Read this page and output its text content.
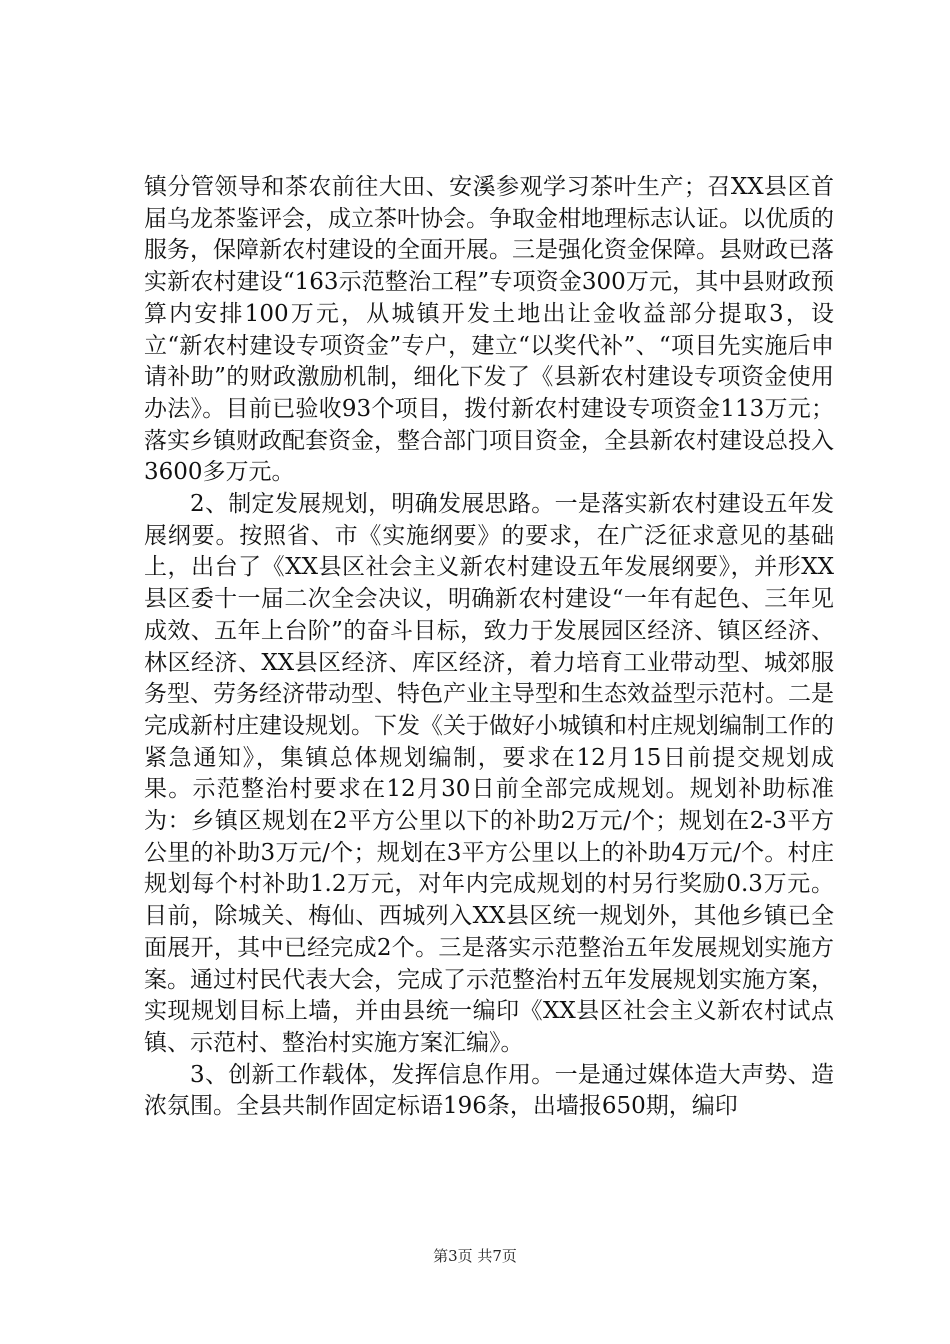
镇分管领导和茶农前往大田、安溪参观学习茶叶生产；召XX县区首届乌龙茶鉴评会，成立茶叶协会。争取金柑地理标志认证。以优质的服务，保障新农村建设的全面开展。三是强化资金保障。县财政已落实新农村建设“163示范整治工程”专项资金300万元，其中县财政预算内安排100万元，从城镇开发土地出让金收益部分提取3，设立“新农村建设专项资金”专户，建立“以奖代补”、“项目先实施后申请补助”的财政激励机制，细化下发了《县新农村建设专项资金使用办法》。目前已验收93个项目，拨付新农村建设专项资金113万元；落实乡镇财政配套资金，整合部门项目资金，全县新农村建设总投入3600多万元。

2、制定发展规划，明确发展思路。一是落实新农村建设五年发展纲要。按照省、市《实施纲要》的要求，在广泛征求意见的基础上，出台了《XX县区社会主义新农村建设五年发展纲要》，并形XX县区委十一届二次全会决议，明确新农村建设“一年有起色、三年见成效、五年上台阶”的奋斗目标，致力于发展园区经济、镇区经济、林区经济、XX县区经济、库区经济，着力培育工业带动型、城郊服务型、劳务经济带动型、特色产业主导型和生态效益型示范村。二是完成新村庄建设规划。下发《关于做好小城镇和村庄规划编制工作的紧急通知》，集镇总体规划编制，要求在12月15日前提交规划成果。示范整治村要求在12月30日前全部完成规划。规划补助标准为：乡镇区规划在2平方公里以下的补助2万元/个；规划在2-3平方公里的补助3万元/个；规划在3平方公里以上的补助4万元/个。村庄规划每个村补助1.2万元，对年内完成规划的村另行奖励0.3万元。目前，除城关、梅仙、西城列入XX县区统一规划外，其他乡镇已全面展开，其中已经完成2个。三是落实示范整治五年发展规划实施方案。通过村民代表大会，完成了示范整治村五年发展规划实施方案，实现规划目标上墙，并由县统一编印《XX县区社会主义新农村试点镇、示范村、整治村实施方案汇编》。

3、创新工作载体，发挥信息作用。一是通过媒体造大声势、造浓氛围。全县共制作固定标语196条，出墙报650期，编印

第3页 共7页
